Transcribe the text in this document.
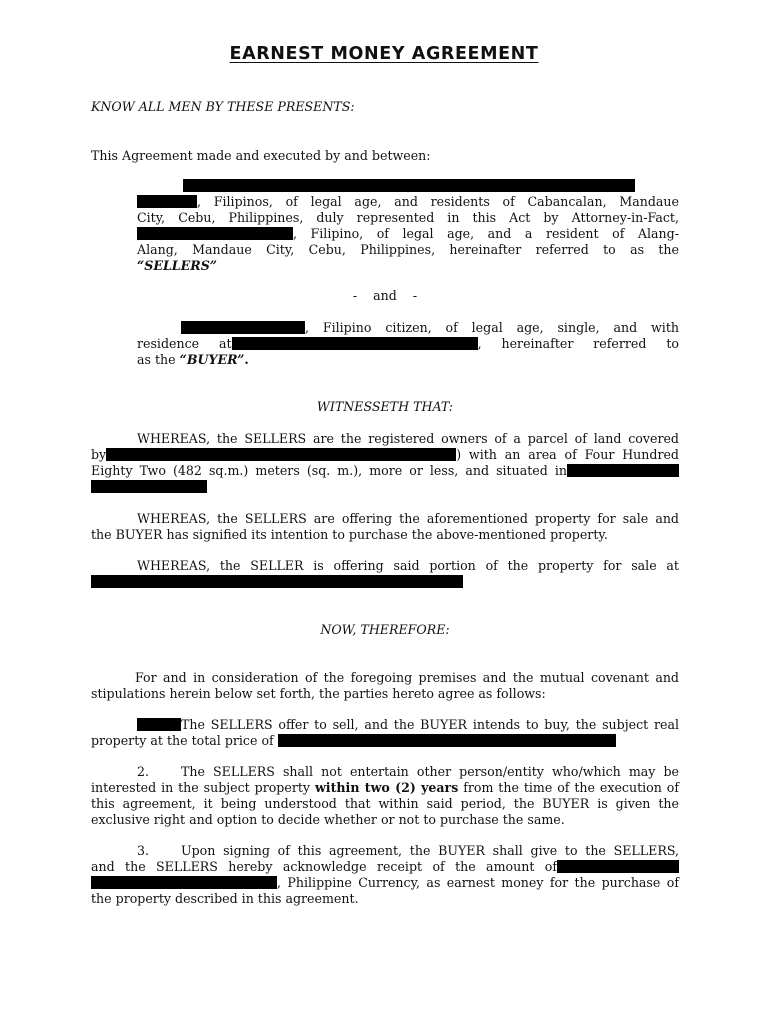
EARNEST MONEY AGREEMENT
KNOW ALL MEN BY THESE PRESENTS:
This Agreement made and executed by and between:
, Filipinos, of legal age, and residents of Cabancalan, Mandaue
City, Cebu, Philippines, duly represented in this Act by Attorney-in-Fact,
, Filipino, of legal age, and a resident of Alang-
Alang, Mandaue City, Cebu, Philippines, hereinafter referred to as the
“SELLERS”
-    and    -
, Filipino citizen, of legal age, single, and with
residence at	, hereinafter referred to
as the “BUYER”.
WITNESSETH THAT:
WHEREAS, the SELLERS are the registered owners of a parcel of land covered
by	) with an area of Four Hundred
Eighty Two (482 sq.m.) meters (sq. m.), more or less, and situated in
WHEREAS, the SELLERS are offering the aforementioned property for sale and
the BUYER has signified its intention to purchase the above-mentioned property.
WHEREAS, the SELLER is offering said portion of the property for sale at
NOW, THEREFORE:
For and in consideration of the foregoing premises and the mutual covenant and
stipulations herein below set forth, the parties hereto agree as follows:
The SELLERS offer to sell, and the BUYER intends to buy, the subject real
property at the total price of
2.	The SELLERS shall not entertain other person/entity who/which may be
interested in the subject property within two (2) years from the time of the execution of
this agreement, it being understood that within said period, the BUYER is given the
exclusive right and option to decide whether or not to purchase the same.
3.	Upon signing of this agreement, the BUYER shall give to the SELLERS,
and the SELLERS hereby acknowledge receipt of the amount of
, Philippine Currency, as earnest money for the purchase of
the property described in this agreement.
